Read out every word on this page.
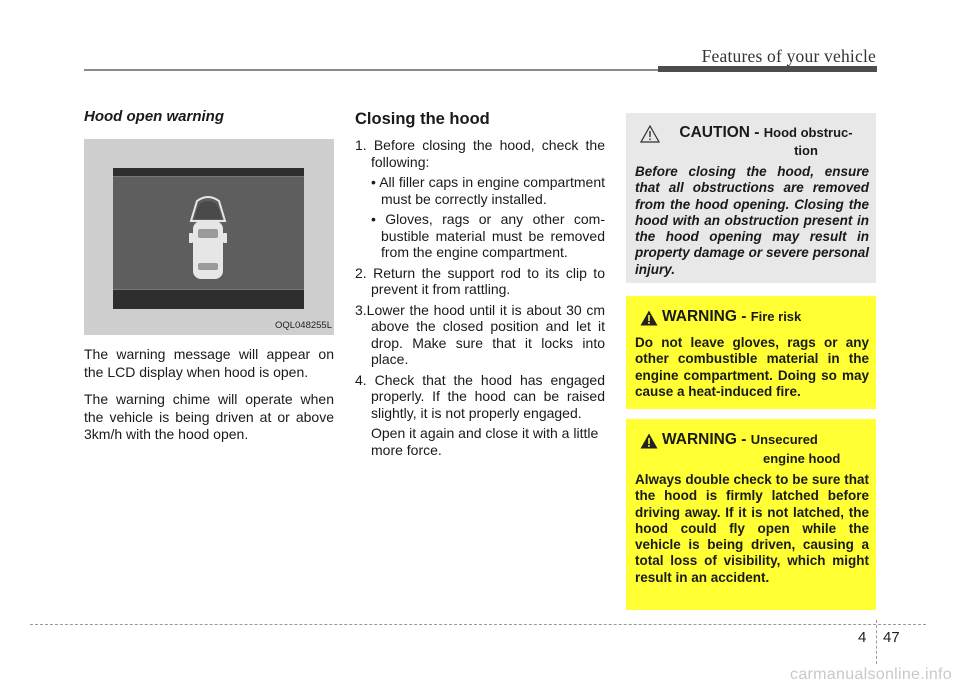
Features of your vehicle
Hood open warning
OQL048255L

The warning message will appear on the LCD display when hood is open.

The warning chime will operate when the vehicle is being driven at or above 3km/h with the hood open.

Closing the hood
1. Before closing the hood, check the following:
• All filler caps in engine compartment must be correctly installed.
• Gloves, rags or any other combustible material must be removed from the engine compartment.
2. Return the support rod to its clip to prevent it from rattling.
3.Lower the hood until it is about 30 cm above the closed position and let it drop. Make sure that it locks into place.
4. Check that the hood has engaged properly. If the hood can be raised slightly, it is not properly engaged.
Open it again and close it with a little more force.
CAUTION - Hood obstruc-
tion
Before closing the hood, ensure that all obstructions are removed from the hood opening. Closing the hood with an obstruction present in the hood opening may result in property damage or severe personal injury.
WARNING - Fire risk
Do not leave gloves, rags or any other combustible material in the engine compartment. Doing so may cause a heat-induced fire.
WARNING - Unsecured
engine hood
Always double check to be sure that the hood is firmly latched before driving away. If it is not latched, the hood could fly open while the vehicle is being driven, causing a total loss of visibility, which might result in an accident.
4 47
carmanualsonline.info
